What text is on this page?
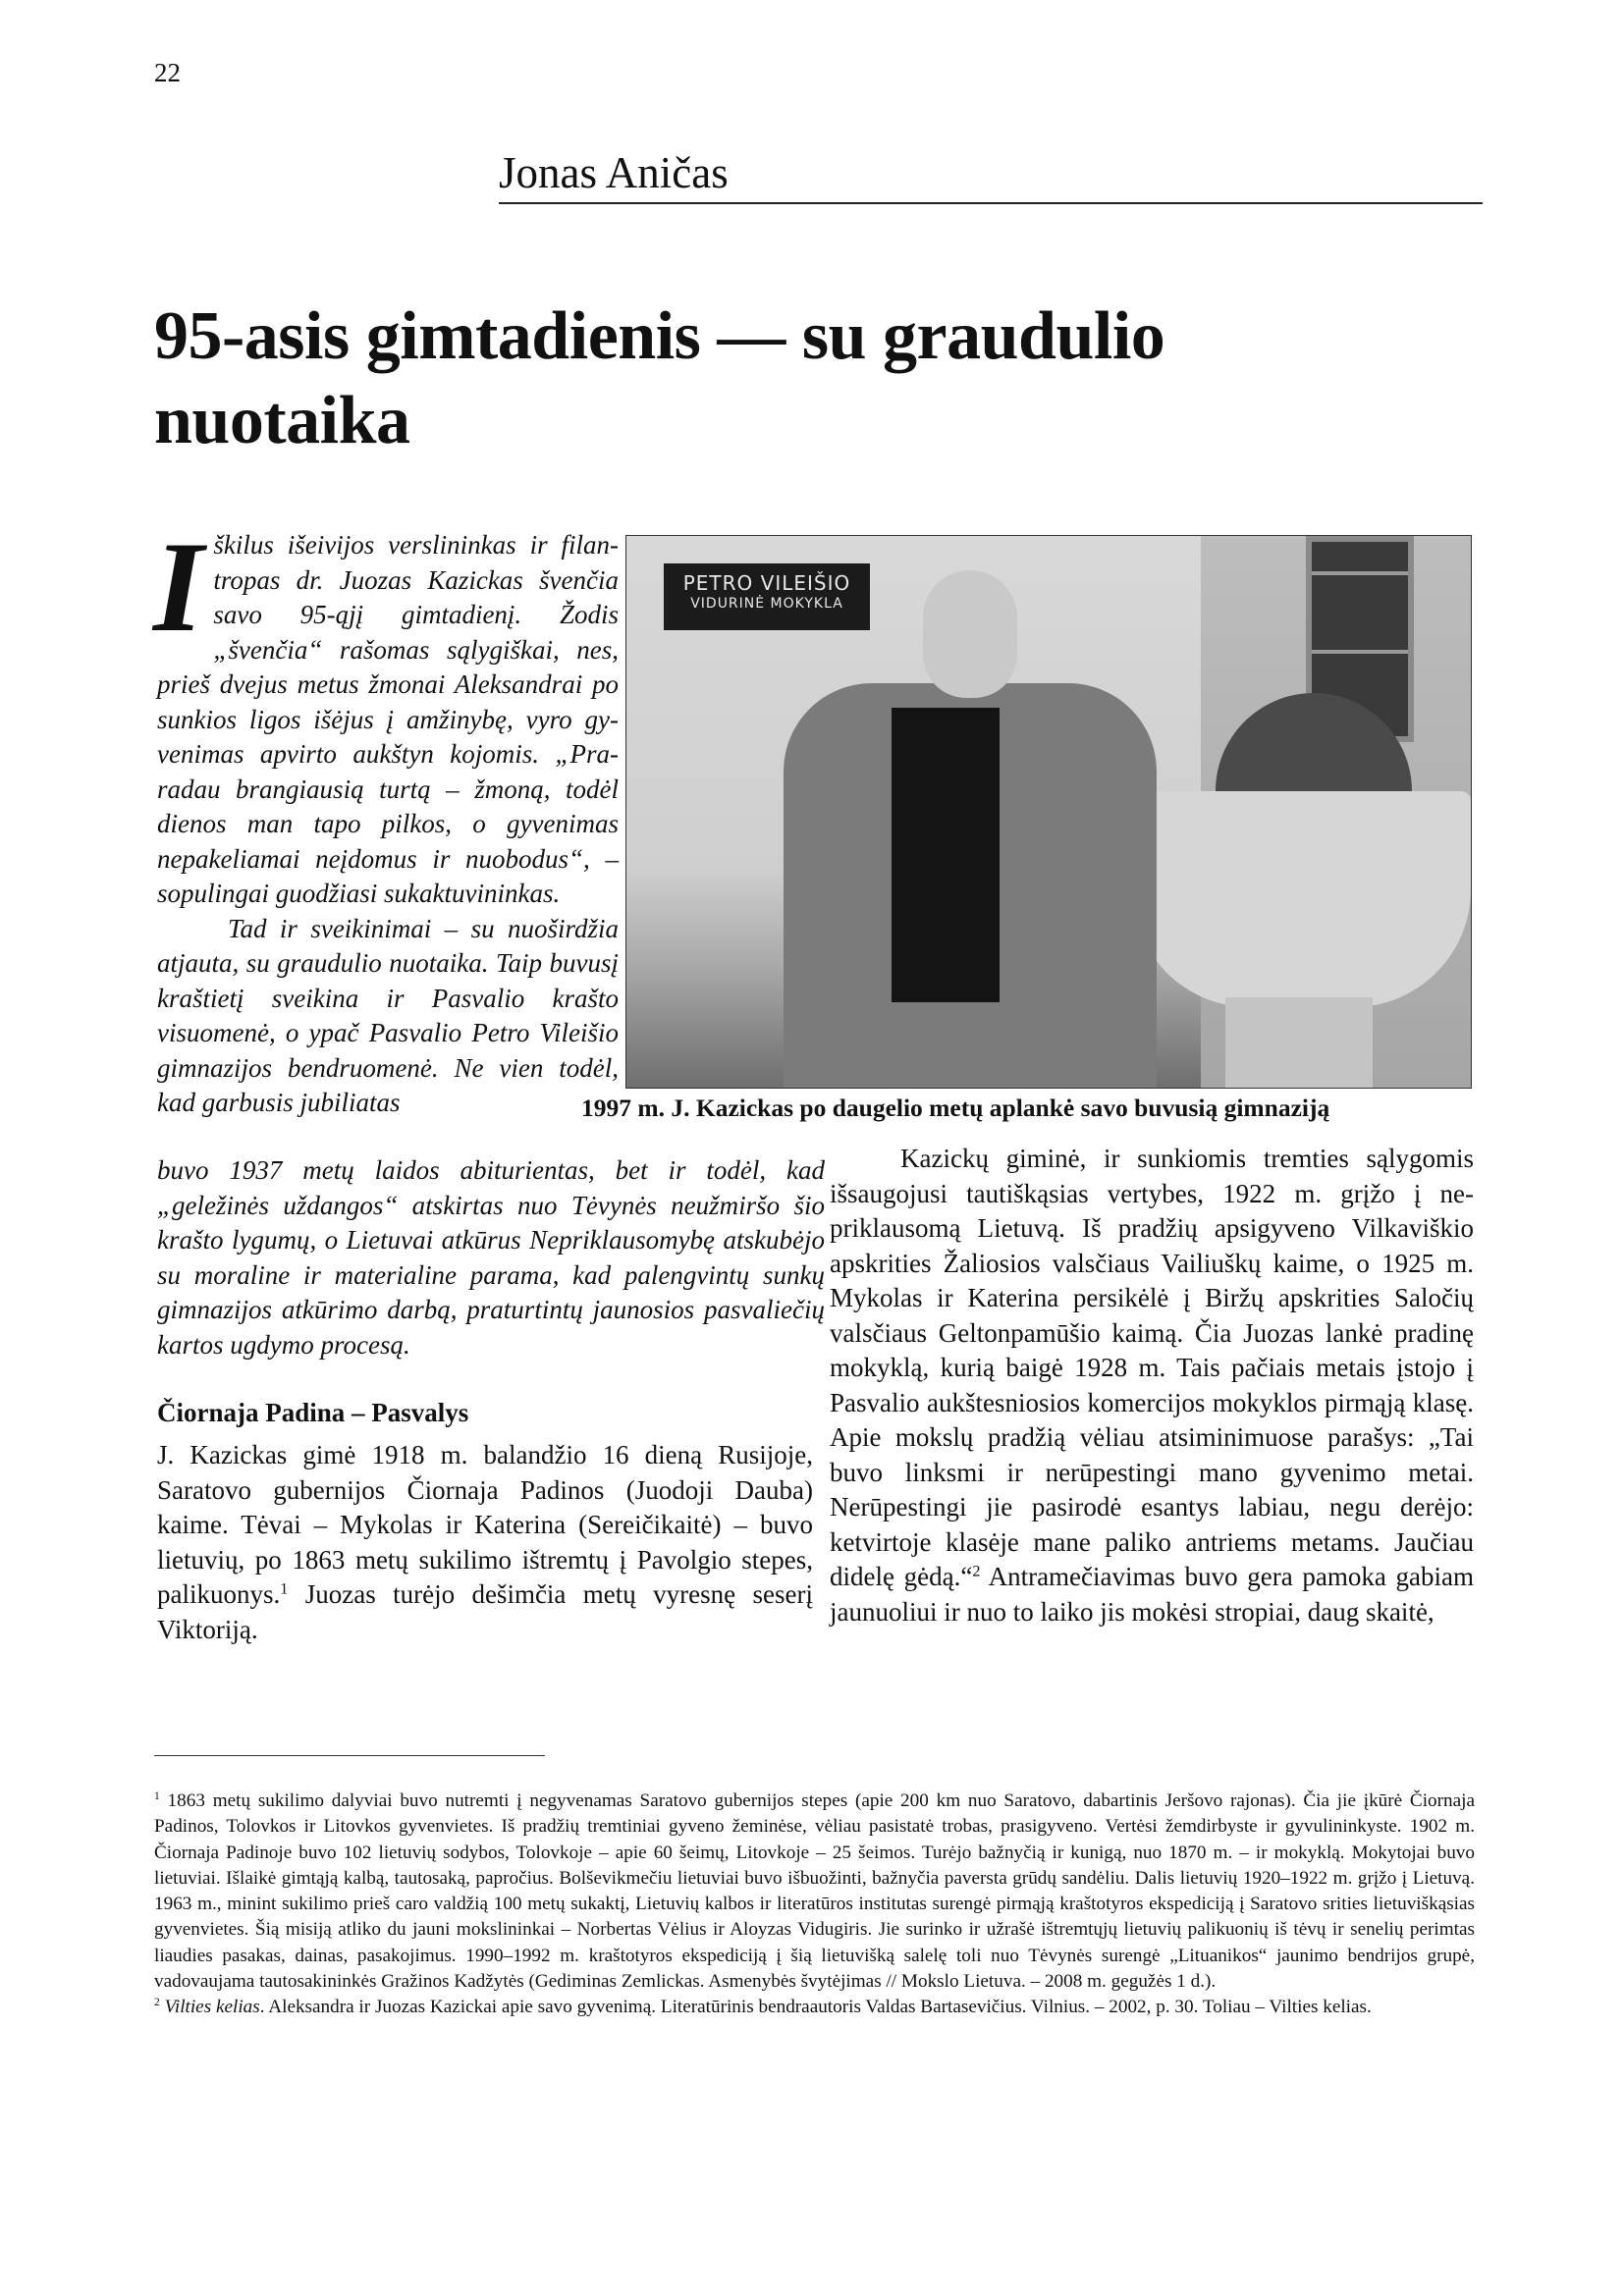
22
Jonas Aničas
95-asis gimtadienis — su graudulio
nuotaika

Iškilus išeivijos verslininkas ir filantropas dr. Juozas Kazickas švenčia savo 95-ąjį gimtadienį. Žodis „švenčia“ rašomas sąlygiškai, nes, prieš dvejus metus žmonai Aleksandrai po sunkios ligos išėjus į amžinybę, vyro gyvenimas apvirto aukštyn kojomis. „Praradau brangiausią turtą – žmoną, todėl dienos man tapo pilkos, o gyvenimas nepakeliamai neįdomus ir nuobodus“, – sopulingai guodžiasi sukaktuvininkas.

Tad ir sveikinimai – su nuoširdžia atjauta, su graudulio nuotaika. Taip buvusį kraštietį sveikina ir Pasvalio krašto visuomenė, o ypač Pasvalio Petro Vileišio gimnazijos bendruomenė. Ne vien todėl, kad garbusis jubiliatas

buvo 1937 metų laidos abiturientas, bet ir todėl, kad „geležinės uždangos“ atskirtas nuo Tėvynės neužmiršo šio krašto lygumų, o Lietuvai atkūrus Nepriklausomybę atskubėjo su moraline ir materialine parama, kad palengvintų sunkų gimnazijos atkūrimo darbą, praturtintų jaunosios pasvaliečių kartos ugdymo procesą.

PETRO VILEIŠIO
VIDURINĖ MOKYKLA
1997 m. J. Kazickas po daugelio metų aplankė savo buvusią gimnaziją

Kazickų giminė, ir sunkiomis tremties sąlygomis išsaugojusi tautiškąsias vertybes, 1922 m. grįžo į nepriklausomą Lietuvą. Iš pradžių apsigyveno Vilkaviškio apskrities Žaliosios valsčiaus Vailiuškų kaime, o 1925 m. Mykolas ir Katerina persikėlė į Biržų apskrities Saločių valsčiaus Geltonpamūšio kaimą. Čia Juozas lankė pradinę mokyklą, kurią baigė 1928 m. Tais pačiais metais įstojo į Pasvalio aukštesniosios komercijos mokyklos pirmąją klasę. Apie mokslų pradžią vėliau atsiminimuose parašys: „Tai buvo linksmi ir nerūpestingi mano gyvenimo metai. Nerūpestingi jie pasirodė esantys labiau, negu derėjo: ketvirtoje klasėje mane paliko antriems metams. Jaučiau didelę gėdą.“$^2$ Antramečiavimas buvo gera pamoka gabiam jaunuoliui ir nuo to laiko jis mokėsi stropiai, daug skaitė,

Čiornaja Padina – Pasvalys

J. Kazickas gimė 1918 m. balandžio 16 dieną Rusijoje, Saratovo gubernijos Čiornaja Padinos (Juodoji Dauba) kaime. Tėvai – Mykolas ir Katerina (Sereičikaitė) – buvo lietuvių, po 1863 metų sukilimo ištremtų į Pavolgio stepes, palikuonys.$^1$ Juozas turėjo dešimčia metų vyresnę seserį Viktoriją.

$^1$ 1863 metų sukilimo dalyviai buvo nutremti į negyvenamas Saratovo gubernijos stepes (apie 200 km nuo Saratovo, dabartinis Jeršovo rajonas). Čia jie įkūrė Čiornaja Padinos, Tolovkos ir Litovkos gyvenvietes. Iš pradžių tremtiniai gyveno žeminėse, vėliau pasistatė trobas, prasigyveno. Vertėsi žemdirbyste ir gyvulininkyste. 1902 m. Čiornaja Padinoje buvo 102 lietuvių sodybos, Tolovkoje – apie 60 šeimų, Litovkoje – 25 šeimos. Turėjo bažnyčią ir kunigą, nuo 1870 m. – ir mokyklą. Mokytojai buvo lietuviai. Išlaikė gimtąją kalbą, tautosaką, papročius. Bolševikmečiu lietuviai buvo išbuožinti, bažnyčia paversta grūdų sandėliu. Dalis lietuvių 1920–1922 m. grįžo į Lietuvą. 1963 m., minint sukilimo prieš caro valdžią 100 metų sukaktį, Lietuvių kalbos ir literatūros institutas surengė pirmąją kraštotyros ekspediciją į Saratovo srities lietuviškąsias gyvenvietes. Šią misiją atliko du jauni mokslininkai – Norbertas Vėlius ir Aloyzas Vidugiris. Jie surinko ir užrašė ištremtųjų lietuvių palikuonių iš tėvų ir senelių perimtas liaudies pasakas, dainas, pasakojimus. 1990–1992 m. kraštotyros ekspediciją į šią lietuvišką salelę toli nuo Tėvynės surengė „Lituanikos“ jaunimo bendrijos grupė, vadovaujama tautosakininkės Gražinos Kadžytės (Gediminas Zemlickas. Asmenybės švytėjimas // Mokslo Lietuva. – 2008 m. gegužės 1 d.).

$^2$ Vilties kelias. Aleksandra ir Juozas Kazickai apie savo gyvenimą. Literatūrinis bendraautoris Valdas Bartasevičius. Vilnius. – 2002, p. 30. Toliau – Vilties kelias.
